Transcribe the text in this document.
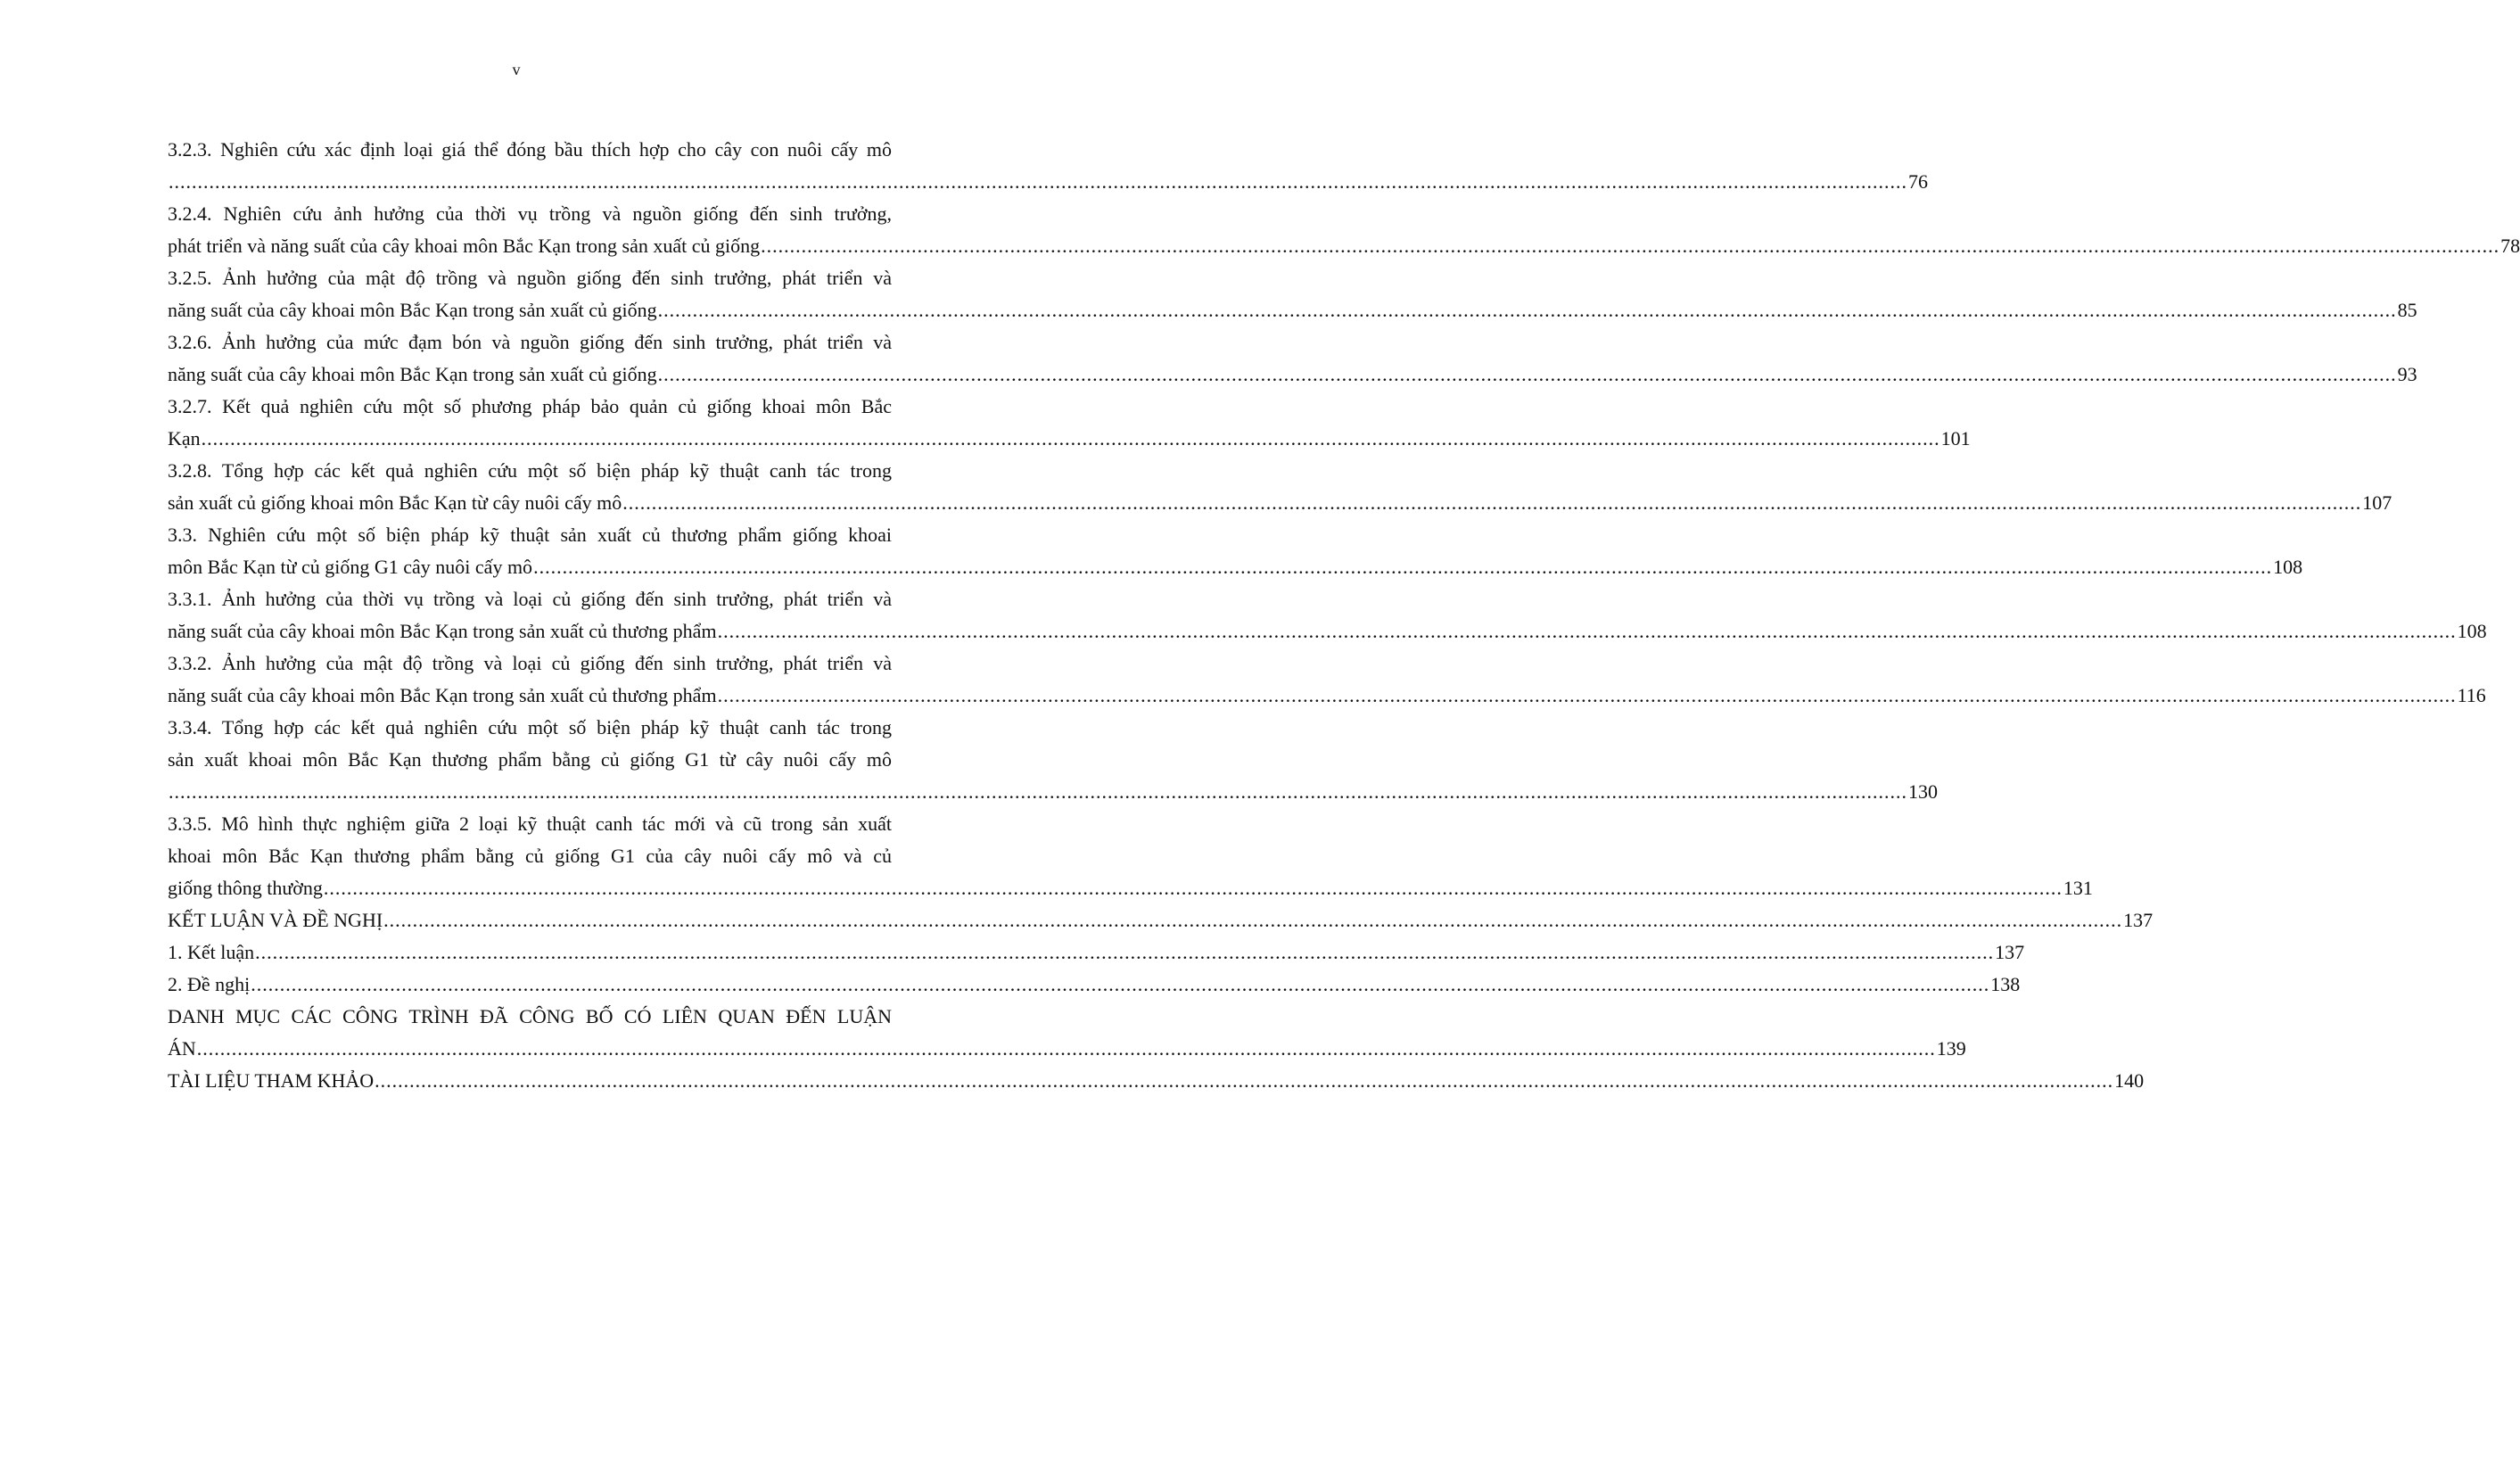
v
3.2.3. Nghiên cứu xác định loại giá thể đóng bầu thích hợp cho cây con nuôi cấy mô
............................................................................................................................................................................................................................................................................................................ 76
3.2.4. Nghiên cứu ảnh hưởng của thời vụ trồng và nguồn giống đến sinh trưởng,
phát triển và năng suất của cây khoai môn Bắc Kạn trong sản xuất củ giống ............................................................................................................................................................................................................................................................................................................ 78
3.2.5. Ảnh hưởng của mật độ trồng và nguồn giống đến sinh trưởng, phát triển và
năng suất của cây khoai môn Bắc Kạn trong sản xuất củ giống ............................................................................................................................................................................................................................................................................................................ 85
3.2.6. Ảnh hưởng của mức đạm bón và nguồn giống đến sinh trưởng, phát triển và
năng suất của cây khoai môn Bắc Kạn trong sản xuất củ giống ............................................................................................................................................................................................................................................................................................................ 93
3.2.7. Kết quả nghiên cứu một số phương pháp bảo quản củ giống khoai môn Bắc
Kạn ............................................................................................................................................................................................................................................................................................................ 101
3.2.8. Tổng hợp các kết quả nghiên cứu một số biện pháp kỹ thuật canh tác trong
sản xuất củ giống khoai môn Bắc Kạn từ cây nuôi cấy mô ............................................................................................................................................................................................................................................................................................................ 107
3.3. Nghiên cứu một số biện pháp kỹ thuật sản xuất củ thương phẩm giống khoai
môn Bắc Kạn từ củ giống G1 cây nuôi cấy mô ............................................................................................................................................................................................................................................................................................................ 108
3.3.1. Ảnh hưởng của thời vụ trồng và loại củ giống đến sinh trưởng, phát triển và
năng suất của cây khoai môn Bắc Kạn trong sản xuất củ thương phẩm ............................................................................................................................................................................................................................................................................................................ 108
3.3.2. Ảnh hưởng của mật độ trồng và loại củ giống đến sinh trưởng, phát triển và
năng suất của cây khoai môn Bắc Kạn trong sản xuất củ thương phẩm ............................................................................................................................................................................................................................................................................................................ 116
3.3.4. Tổng hợp các kết quả nghiên cứu một số biện pháp kỹ thuật canh tác trong
sản xuất khoai môn Bắc Kạn thương phẩm bằng củ giống G1 từ cây nuôi cấy mô
............................................................................................................................................................................................................................................................................................................ 130
3.3.5. Mô hình thực nghiệm giữa 2 loại kỹ thuật canh tác mới và cũ trong sản xuất
khoai môn Bắc Kạn thương phẩm bằng củ giống G1 của cây nuôi cấy mô và củ
giống thông thường ............................................................................................................................................................................................................................................................................................................ 131
KẾT LUẬN VÀ ĐỀ NGHỊ ............................................................................................................................................................................................................................................................................................................ 137
1. Kết luận ............................................................................................................................................................................................................................................................................................................ 137
2. Đề nghị ............................................................................................................................................................................................................................................................................................................ 138
DANH MỤC CÁC CÔNG TRÌNH ĐÃ CÔNG BỐ CÓ LIÊN QUAN ĐẾN LUẬN
ÁN ............................................................................................................................................................................................................................................................................................................ 139
TÀI LIỆU THAM KHẢO ............................................................................................................................................................................................................................................................................................................ 140
